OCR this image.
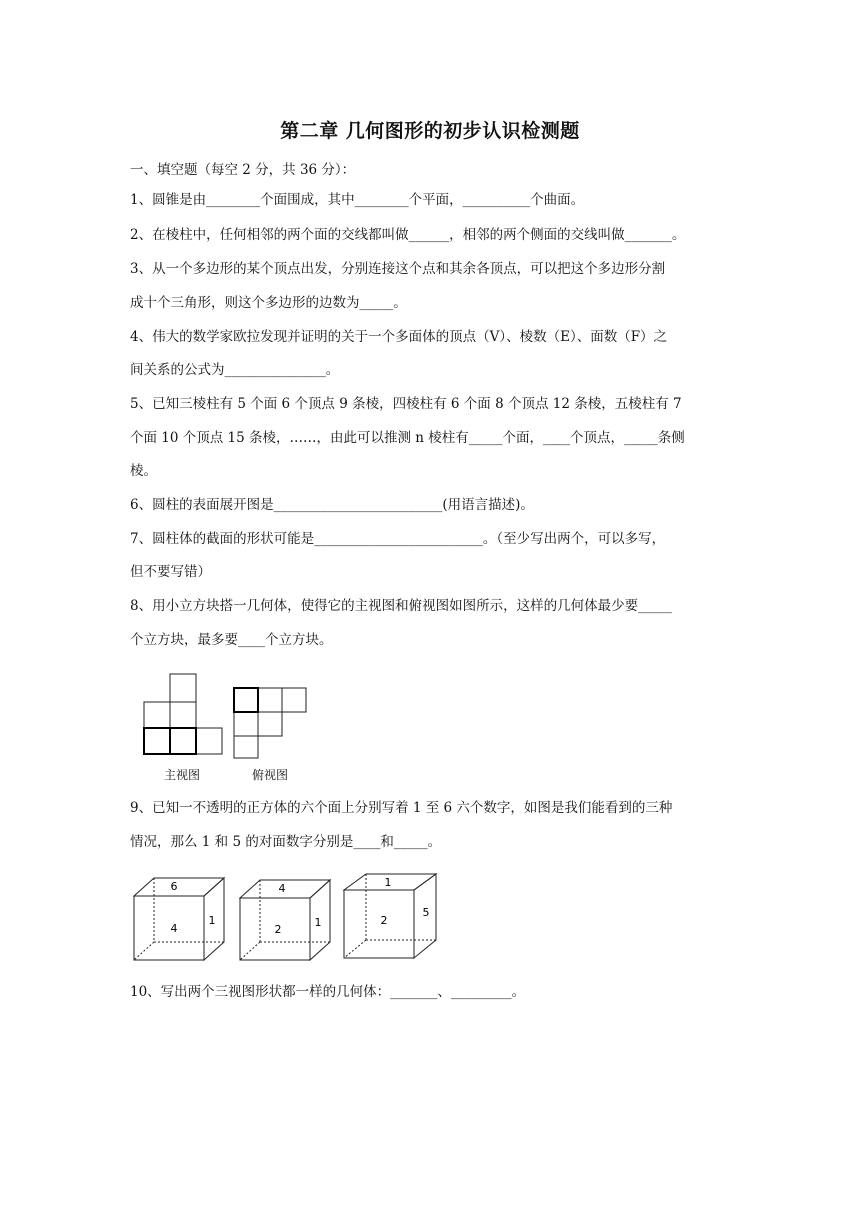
第二章 几何图形的初步认识检测题
一、填空题（每空 2 分，共 36 分）：
1、圆锥是由________个面围成，其中________个平面，__________个曲面。
2、在棱柱中，任何相邻的两个面的交线都叫做______，相邻的两个侧面的交线叫做_______。
3、从一个多边形的某个顶点出发，分别连接这个点和其余各顶点，可以把这个多边形分割
成十个三角形，则这个多边形的边数为_____。
4、伟大的数学家欧拉发现并证明的关于一个多面体的顶点（V）、棱数（E）、面数（F）之
间关系的公式为_______________。
5、已知三棱柱有 5 个面 6 个顶点 9 条棱，四棱柱有 6 个面 8 个顶点 12 条棱，五棱柱有 7
个面 10 个顶点 15 条棱，……，由此可以推测 n 棱柱有_____个面，____个顶点，_____条侧
棱。
6、圆柱的表面展开图是_________________________(用语言描述)。
7、圆柱体的截面的形状可能是_________________________。（至少写出两个，可以多写，
但不要写错）
8、用小立方块搭一几何体，使得它的主视图和俯视图如图所示，这样的几何体最少要_____
个立方块，最多要____个立方块。
主视图	俯视图
9、已知一不透明的正方体的六个面上分别写着 1 至 6 六个数字，如图是我们能看到的三种
情况，那么 1 和 5 的对面数字分别是____和_____。
6
4
1
4
2
1
1
2
5
10、写出两个三视图形状都一样的几何体：_______、_________。
